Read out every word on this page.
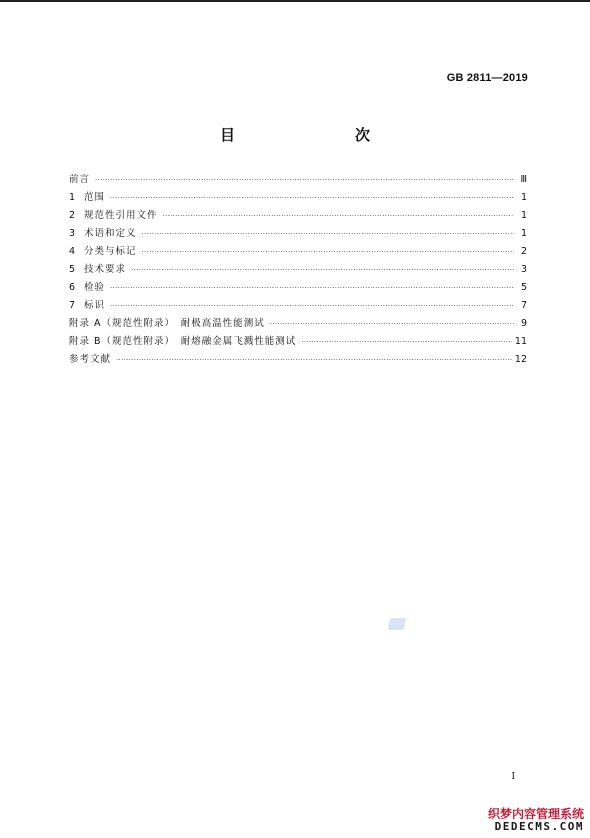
GB 2811—2019
目　　次
前言 ·····	Ⅲ
1 范围 ·····	1
2 规范性引用文件 ·····	1
3 术语和定义 ·····	1
4 分类与标记 ·····	2
5 技术要求 ·····	3
6 检验 ·····	5
7 标识 ·····	7
附录 A（规范性附录）　耐极高温性能测试 ·····	9
附录 B（规范性附录）　耐熔融金属飞溅性能测试 ·····	11
参考文献 ·····	12
I
织梦内容管理系统
DEDECMS.COM
